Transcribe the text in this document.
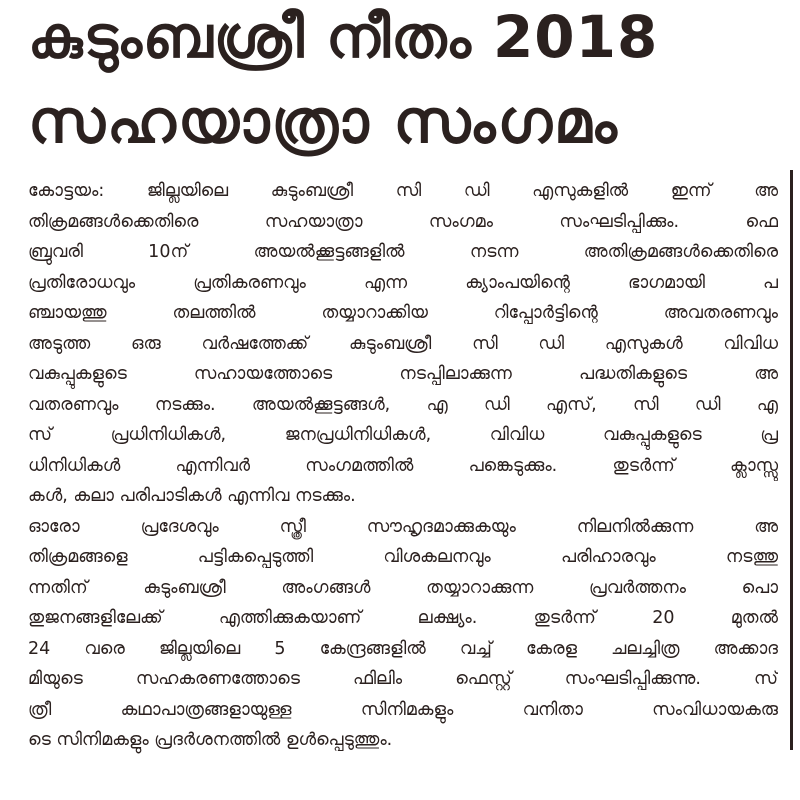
കുടുംബശ്രീ നീതം 2018
സഹയാത്രാ സംഗമം
കോട്ടയം: ജില്ലയിലെ കുടുംബശ്രീ സി ഡി എസുകളിൽ ഇന്ന് അ
തിക്രമങ്ങൾക്കെതിരെ സഹയാത്രാ സംഗമം സംഘടിപ്പിക്കും. ഫെ
ബ്രുവരി 10ന് അയൽക്കൂട്ടങ്ങളിൽ നടന്ന അതിക്രമങ്ങൾക്കെതിരെ
പ്രതിരോധവും പ്രതികരണവും എന്ന ക്യാംപയിന്റെ ഭാഗമായി പ
ഞ്ചായത്തു തലത്തിൽ തയ്യാറാക്കിയ റിപ്പോർട്ടിന്റെ അവതരണവും
അടുത്ത ഒരു വർഷത്തേക്ക് കുടുംബശ്രീ സി ഡി എസുകൾ വിവിധ
വകുപ്പുകളുടെ സഹായത്തോടെ നടപ്പിലാക്കുന്ന പദ്ധതികളുടെ അ
വതരണവും നടക്കും. അയൽക്കൂട്ടങ്ങൾ, എ ഡി എസ്, സി ഡി എ
സ് പ്രധിനിധികൾ, ജനപ്രധിനിധികൾ, വിവിധ വകുപ്പുകളുടെ പ്ര
ധിനിധികൾ എന്നിവർ സംഗമത്തിൽ പങ്കെടുക്കും. തുടർന്ന് ക്ലാസ്സു
കൾ, കലാ പരിപാടികൾ എന്നിവ നടക്കും.
ഓരോ പ്രദേശവും സ്ത്രീ സൗഹൃദമാക്കുകയും നിലനിൽക്കുന്ന അ
തിക്രമങ്ങളെ പട്ടികപ്പെടുത്തി വിശകലനവും പരിഹാരവും നടത്തു
ന്നതിന് കുടുംബശ്രീ അംഗങ്ങൾ തയ്യാറാക്കുന്ന പ്രവർത്തനം പൊ
തുജനങ്ങളിലേക്ക് എത്തിക്കുകയാണ് ലക്ഷ്യം. തുടർന്ന് 20 മുതൽ
24 വരെ ജില്ലയിലെ 5 കേന്ദ്രങ്ങളിൽ വച്ച് കേരള ചലച്ചിത്ര അക്കാദ
മിയുടെ സഹകരണത്തോടെ ഫിലിം ഫെസ്റ്റ് സംഘടിപ്പിക്കുന്നു. സ്
ത്രീ കഥാപാത്രങ്ങളായുള്ള സിനിമകളും വനിതാ സംവിധായകരു
ടെ സിനിമകളും പ്രദർശനത്തിൽ ഉൾപ്പെടുത്തും.
